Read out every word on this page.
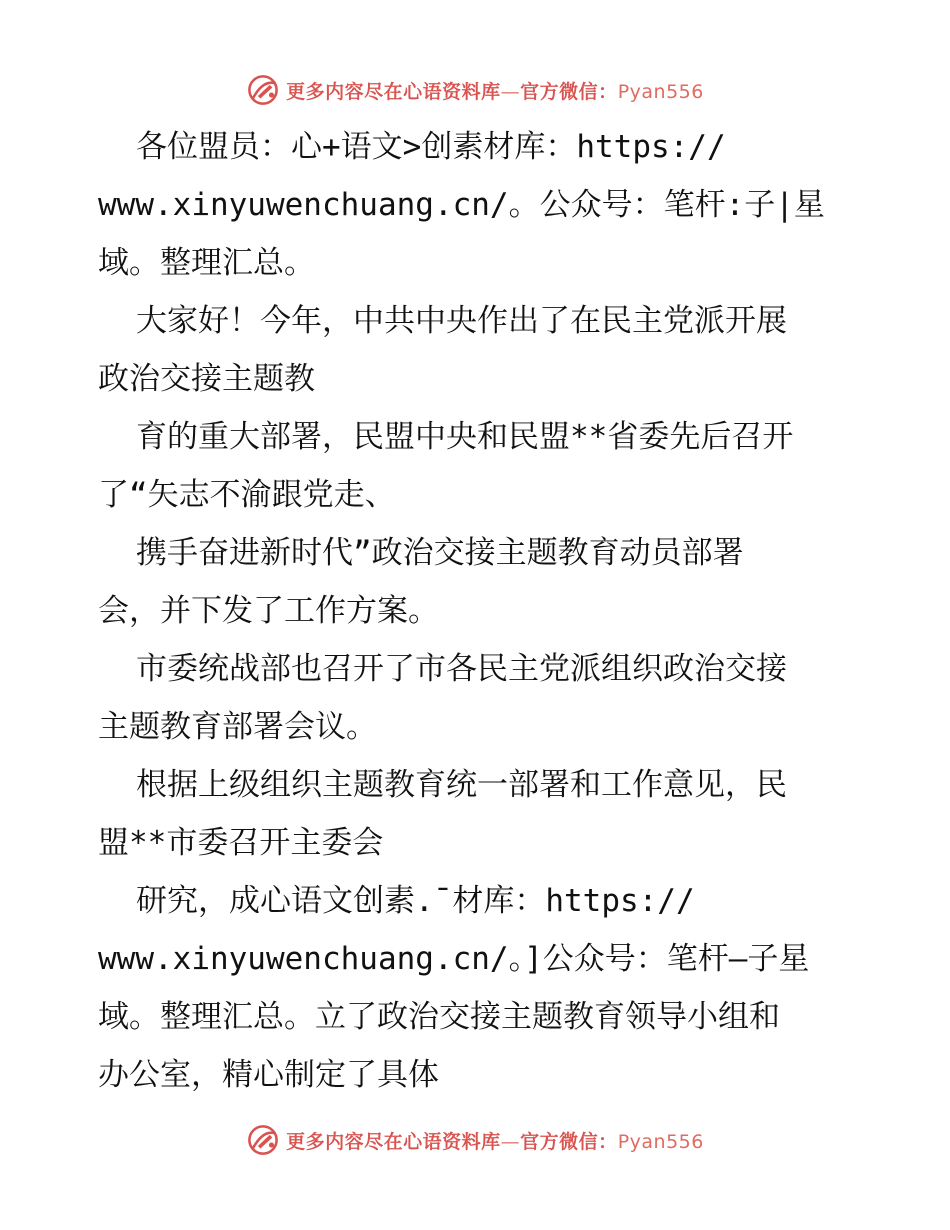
更多内容尽在心语资料库—官方微信：Pyan556
各位盟员：心+语文>创素材库：https://
www.xinyuwenchuang.cn/。公众号：笔杆:子|星
域。整理汇总。
大家好！今年，中共中央作出了在民主党派开展
政治交接主题教
育的重大部署，民盟中央和民盟**省委先后召开
了“矢志不渝跟党走、
携手奋进新时代”政治交接主题教育动员部署
会，并下发了工作方案。
市委统战部也召开了市各民主党派组织政治交接
主题教育部署会议。
根据上级组织主题教育统一部署和工作意见，民
盟**市委召开主委会
研究，成心语文创素.¯材库：https://
www.xinyuwenchuang.cn/。]公众号：笔杆—子星
域。整理汇总。立了政治交接主题教育领导小组和
办公室，精心制定了具体
更多内容尽在心语资料库—官方微信：Pyan556
